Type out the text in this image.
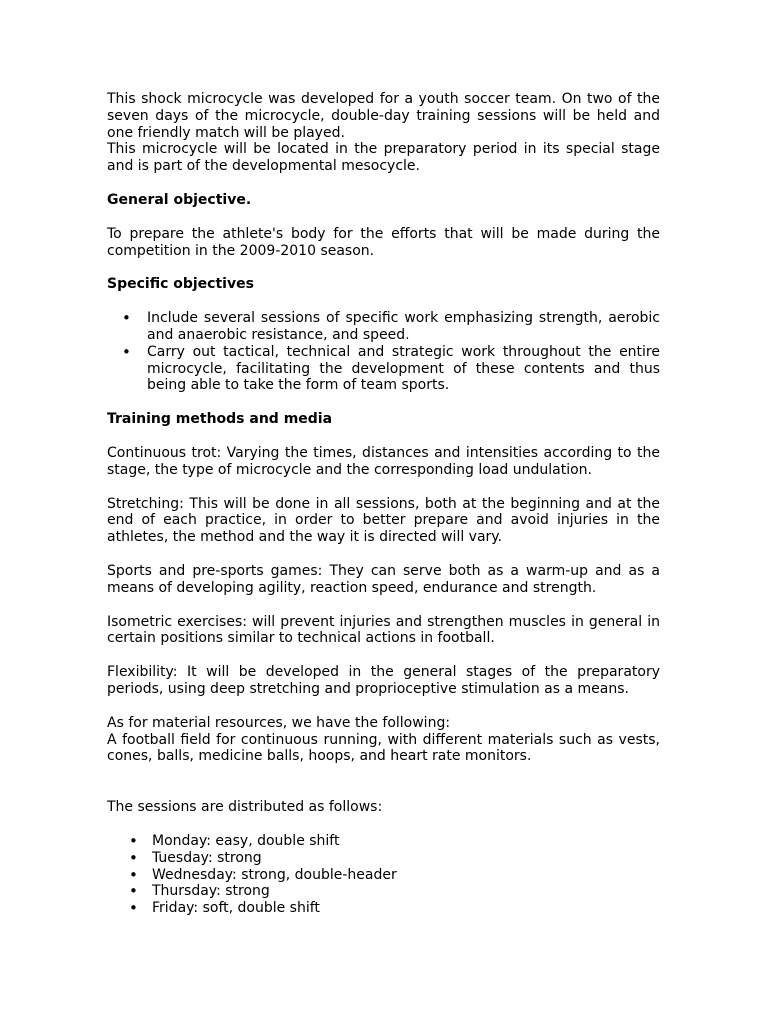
This shock microcycle was developed for a youth soccer team. On two of the seven days of the microcycle, double-day training sessions will be held and one friendly match will be played.

This microcycle will be located in the preparatory period in its special stage and is part of the developmental mesocycle.

General objective.

To prepare the athlete's body for the efforts that will be made during the competition in the 2009-2010 season.

Specific objectives
• Include several sessions of specific work emphasizing strength, aerobic and anaerobic resistance, and speed.
• Carry out tactical, technical and strategic work throughout the entire microcycle, facilitating the development of these contents and thus being able to take the form of team sports.
Training methods and media

Continuous trot: Varying the times, distances and intensities according to the stage, the type of microcycle and the corresponding load undulation.

Stretching: This will be done in all sessions, both at the beginning and at the end of each practice, in order to better prepare and avoid injuries in the athletes, the method and the way it is directed will vary.

Sports and pre-sports games: They can serve both as a warm-up and as a means of developing agility, reaction speed, endurance and strength.

Isometric exercises: will prevent injuries and strengthen muscles in general in certain positions similar to technical actions in football.

Flexibility: It will be developed in the general stages of the preparatory periods, using deep stretching and proprioceptive stimulation as a means.

As for material resources, we have the following:

A football field for continuous running, with different materials such as vests, cones, balls, medicine balls, hoops, and heart rate monitors.

The sessions are distributed as follows:

• Monday: easy, double shift
• Tuesday: strong
• Wednesday: strong, double-header
• Thursday: strong
• Friday: soft, double shift
